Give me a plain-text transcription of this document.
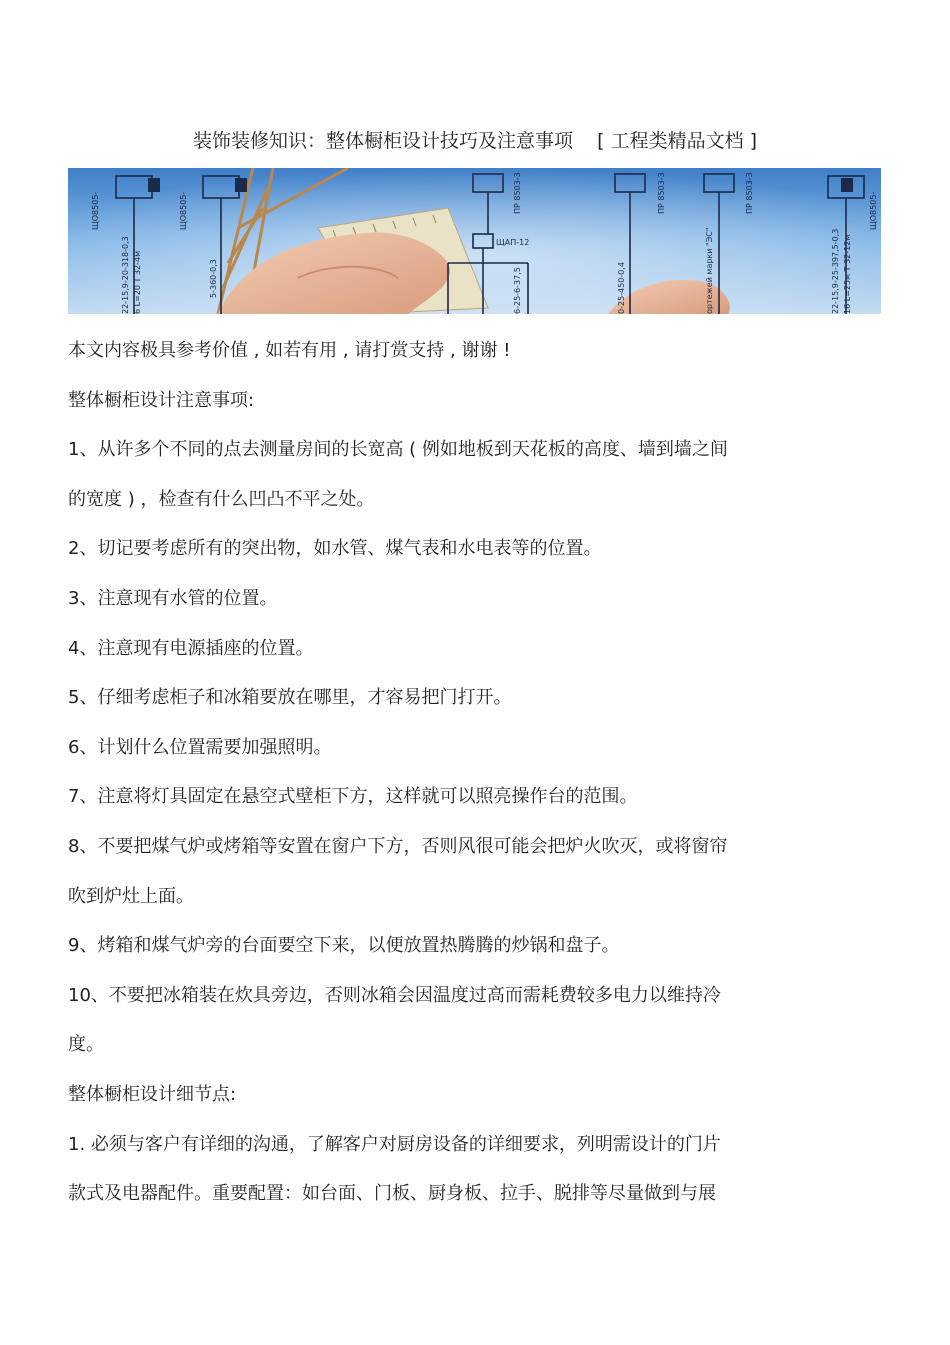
装饰装修知识：整体橱柜设计技巧及注意事项    [ 工程类精品文档 ]
ЩО8505-	ЩО8505-	ПР 8503-3
ЩАП-12
ПР 8503-3	ПР 8503-3	ЩО8505-
22-15,9-20-318-0,3 6 L=20 T 32-4м	5-360-0,3	6-25-6-37,5	0-25-450-0,4	ортежей марки "ЭС"	22-15,9-25-397,5-0,3 16 L=25м T 32-12м
本文内容极具参考价值 , 如若有用 , 请打赏支持 , 谢谢 !
整体橱柜设计注意事项:
1、从许多个不同的点去测量房间的长宽高 ( 例如地板到天花板的高度、墙到墙之间
的宽度 ) ，检查有什么凹凸不平之处。
2、切记要考虑所有的突出物，如水管、煤气表和水电表等的位置。
3、注意现有水管的位置。
4、注意现有电源插座的位置。
5、仔细考虑柜子和冰箱要放在哪里，才容易把门打开。
6、计划什么位置需要加强照明。
7、注意将灯具固定在悬空式壁柜下方，这样就可以照亮操作台的范围。
8、不要把煤气炉或烤箱等安置在窗户下方，否则风很可能会把炉火吹灭，或将窗帘
吹到炉灶上面。
9、烤箱和煤气炉旁的台面要空下来，以便放置热腾腾的炒锅和盘子。
10、不要把冰箱装在炊具旁边，否则冰箱会因温度过高而需耗费较多电力以维持冷
度。
整体橱柜设计细节点:
1. 必须与客户有详细的沟通，了解客户对厨房设备的详细要求，列明需设计的门片
款式及电器配件。重要配置：如台面、门板、厨身板、拉手、脱排等尽量做到与展
